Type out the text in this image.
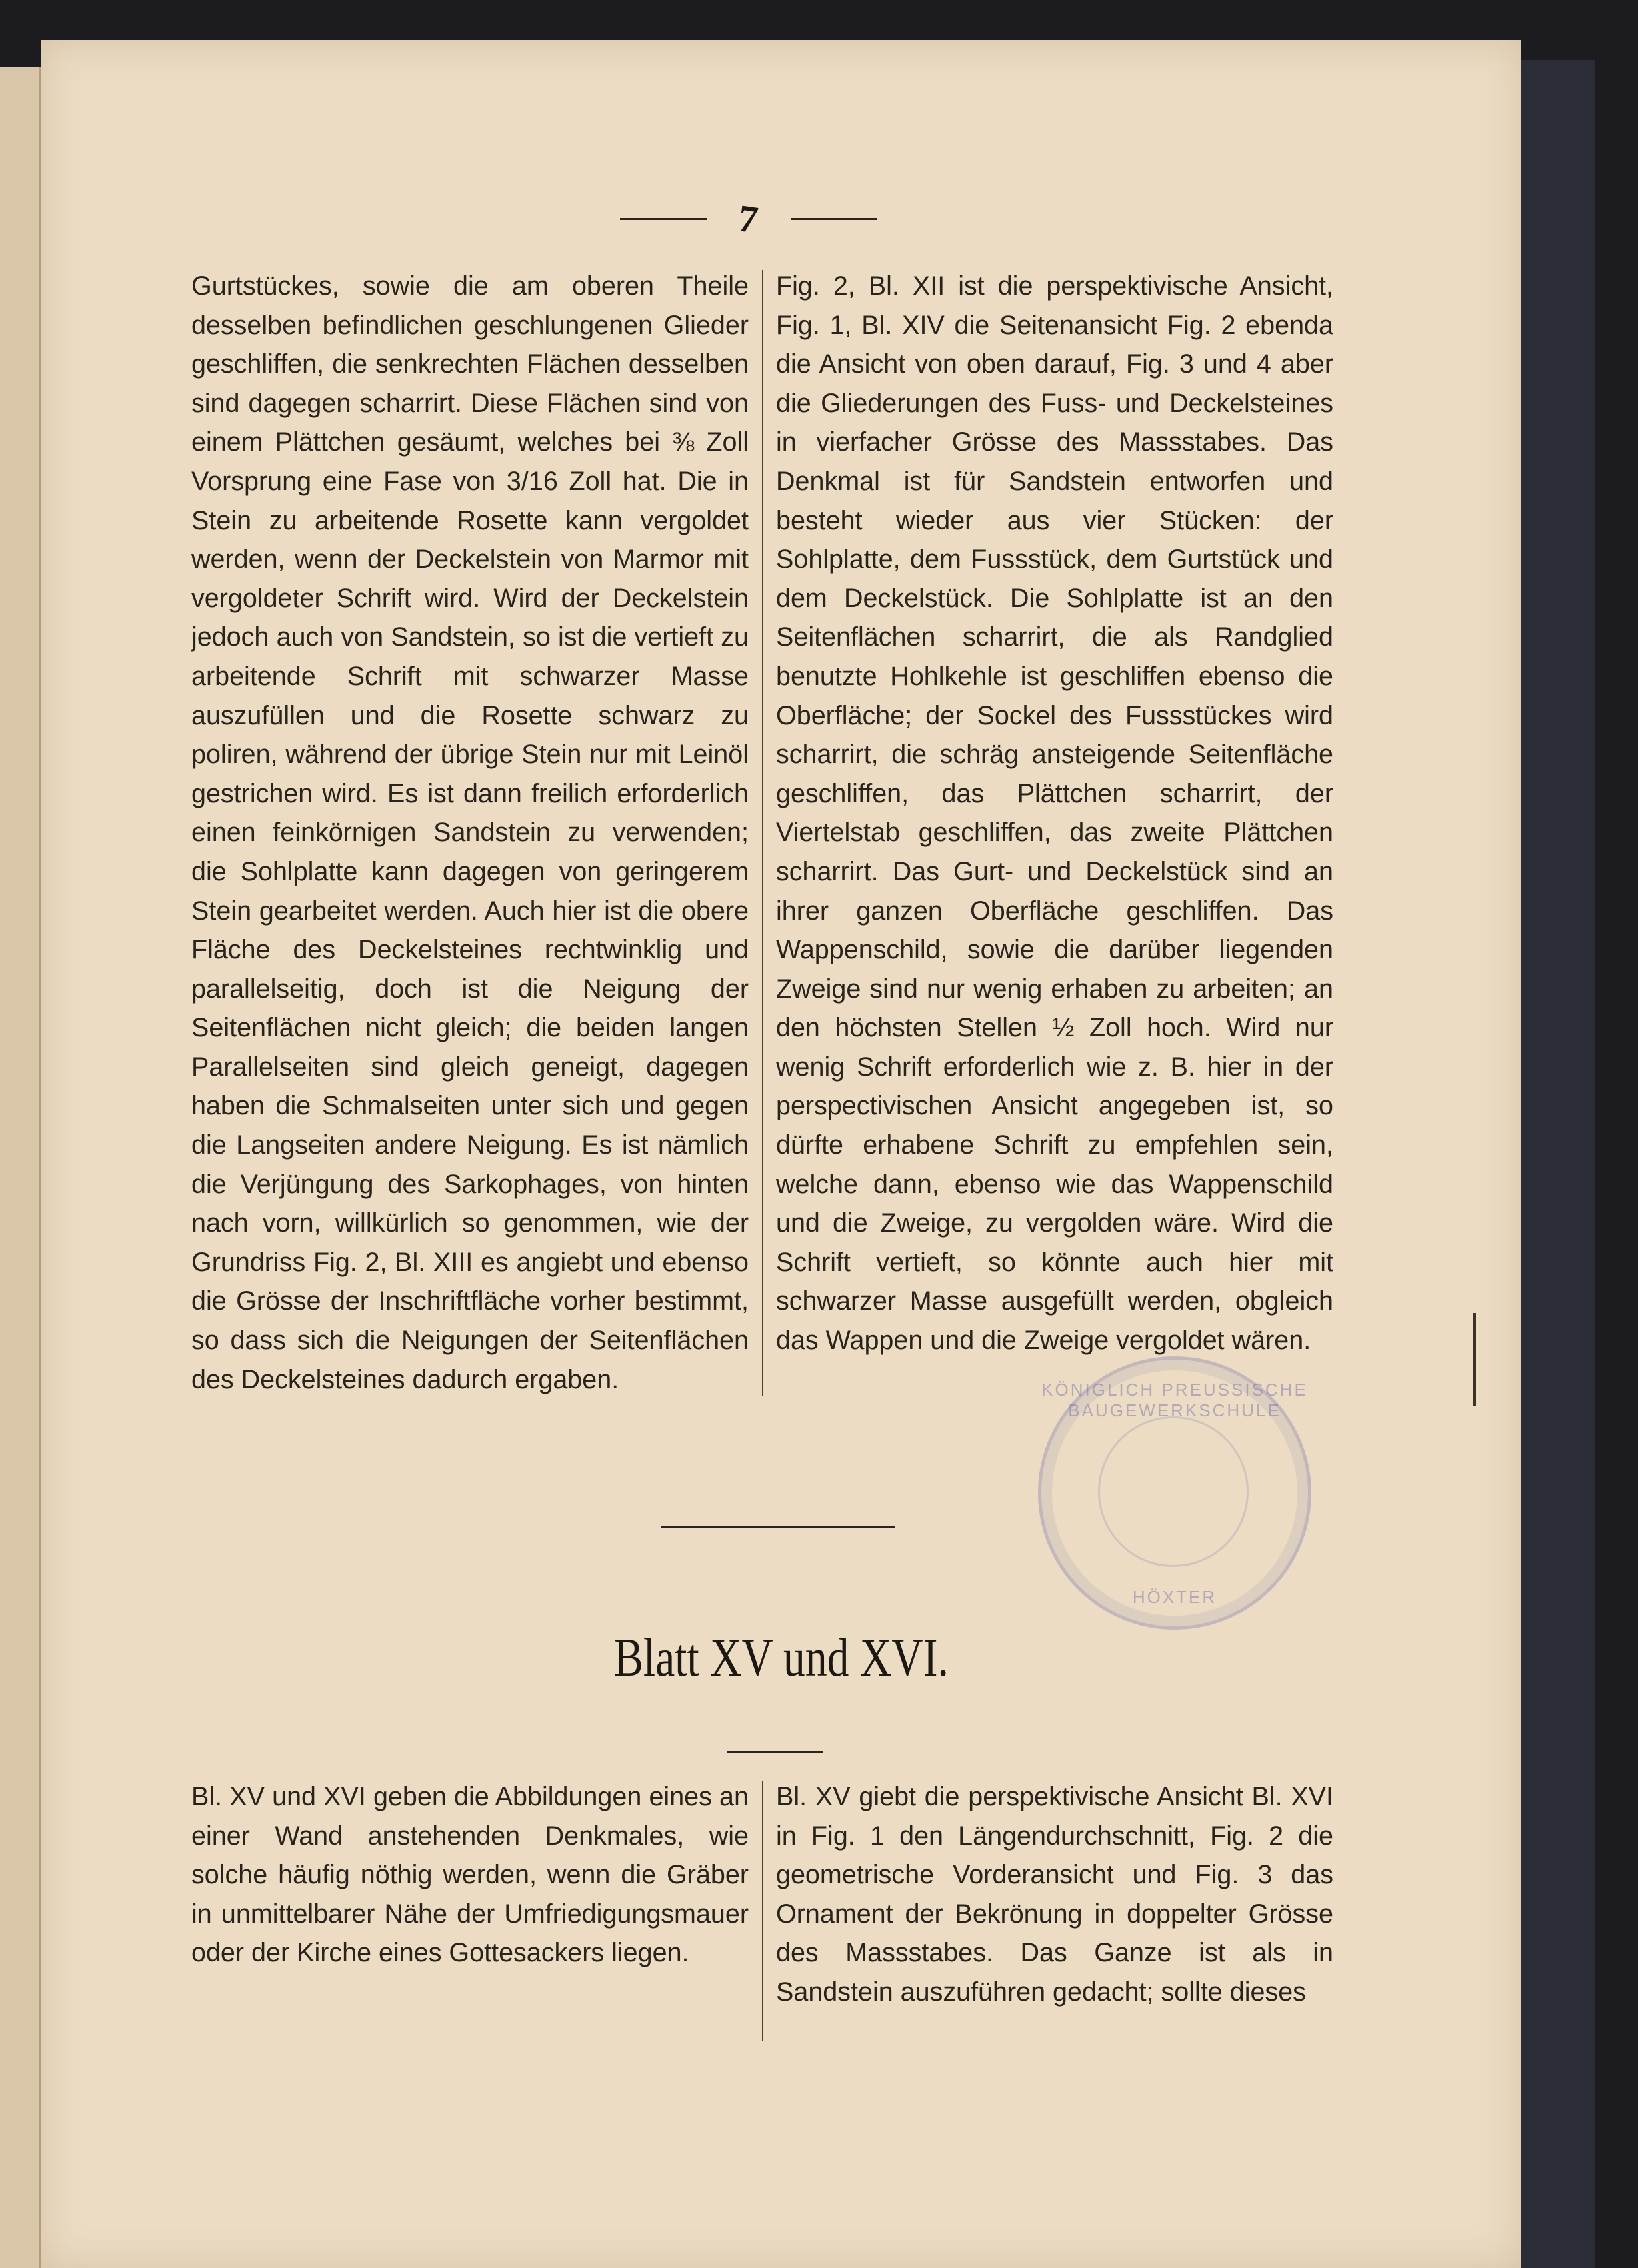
7

Gurtstückes, sowie die am oberen Theile desselben befindlichen geschlungenen Glieder geschliffen, die senkrechten Flächen desselben sind dagegen scharrirt. Diese Flächen sind von einem Plättchen gesäumt, welches bei ⅜ Zoll Vorsprung eine Fase von 3/16 Zoll hat. Die in Stein zu arbeitende Rosette kann vergoldet werden, wenn der Deckelstein von Marmor mit vergoldeter Schrift wird. Wird der Deckelstein jedoch auch von Sandstein, so ist die vertieft zu arbeitende Schrift mit schwarzer Masse auszufüllen und die Rosette schwarz zu poliren, während der übrige Stein nur mit Leinöl gestrichen wird. Es ist dann freilich erforderlich einen feinkörnigen Sandstein zu verwenden; die Sohlplatte kann dagegen von geringerem Stein gearbeitet werden. Auch hier ist die obere Fläche des Deckelsteines rechtwinklig und parallelseitig, doch ist die Neigung der Seitenflächen nicht gleich; die beiden langen Parallelseiten sind gleich geneigt, dagegen haben die Schmalseiten unter sich und gegen die Langseiten andere Neigung. Es ist nämlich die Verjüngung des Sarkophages, von hinten nach vorn, willkürlich so genommen, wie der Grundriss Fig. 2, Bl. XIII es angiebt und ebenso die Grösse der Inschriftfläche vorher bestimmt, so dass sich die Neigungen der Seitenflächen des Deckelsteines dadurch ergaben.

Fig. 2, Bl. XII ist die perspektivische Ansicht, Fig. 1, Bl. XIV die Seitenansicht Fig. 2 ebenda die Ansicht von oben darauf, Fig. 3 und 4 aber die Gliederungen des Fuss- und Deckelsteines in vierfacher Grösse des Massstabes. Das Denkmal ist für Sandstein entworfen und besteht wieder aus vier Stücken: der Sohlplatte, dem Fussstück, dem Gurtstück und dem Deckelstück. Die Sohlplatte ist an den Seitenflächen scharrirt, die als Randglied benutzte Hohlkehle ist geschliffen ebenso die Oberfläche; der Sockel des Fussstückes wird scharrirt, die schräg ansteigende Seitenfläche geschliffen, das Plättchen scharrirt, der Viertelstab geschliffen, das zweite Plättchen scharrirt. Das Gurt- und Deckelstück sind an ihrer ganzen Oberfläche geschliffen. Das Wappenschild, sowie die darüber liegenden Zweige sind nur wenig erhaben zu arbeiten; an den höchsten Stellen ½ Zoll hoch. Wird nur wenig Schrift erforderlich wie z. B. hier in der perspectivischen Ansicht angegeben ist, so dürfte erhabene Schrift zu empfehlen sein, welche dann, ebenso wie das Wappenschild und die Zweige, zu vergolden wäre. Wird die Schrift vertieft, so könnte auch hier mit schwarzer Masse ausgefüllt werden, obgleich das Wappen und die Zweige vergoldet wären.

KÖNIGLICH PREUSSISCHE BAUGEWERKSCHULE
HÖXTER
Blatt XV und XVI.

Bl. XV und XVI geben die Abbildungen eines an einer Wand anstehenden Denkmales, wie solche häufig nöthig werden, wenn die Gräber in unmittelbarer Nähe der Umfriedigungsmauer oder der Kirche eines Gottesackers liegen.

Bl. XV giebt die perspektivische Ansicht Bl. XVI in Fig. 1 den Längendurchschnitt, Fig. 2 die geometrische Vorderansicht und Fig. 3 das Ornament der Bekrönung in doppelter Grösse des Massstabes. Das Ganze ist als in Sandstein auszuführen gedacht; sollte dieses
